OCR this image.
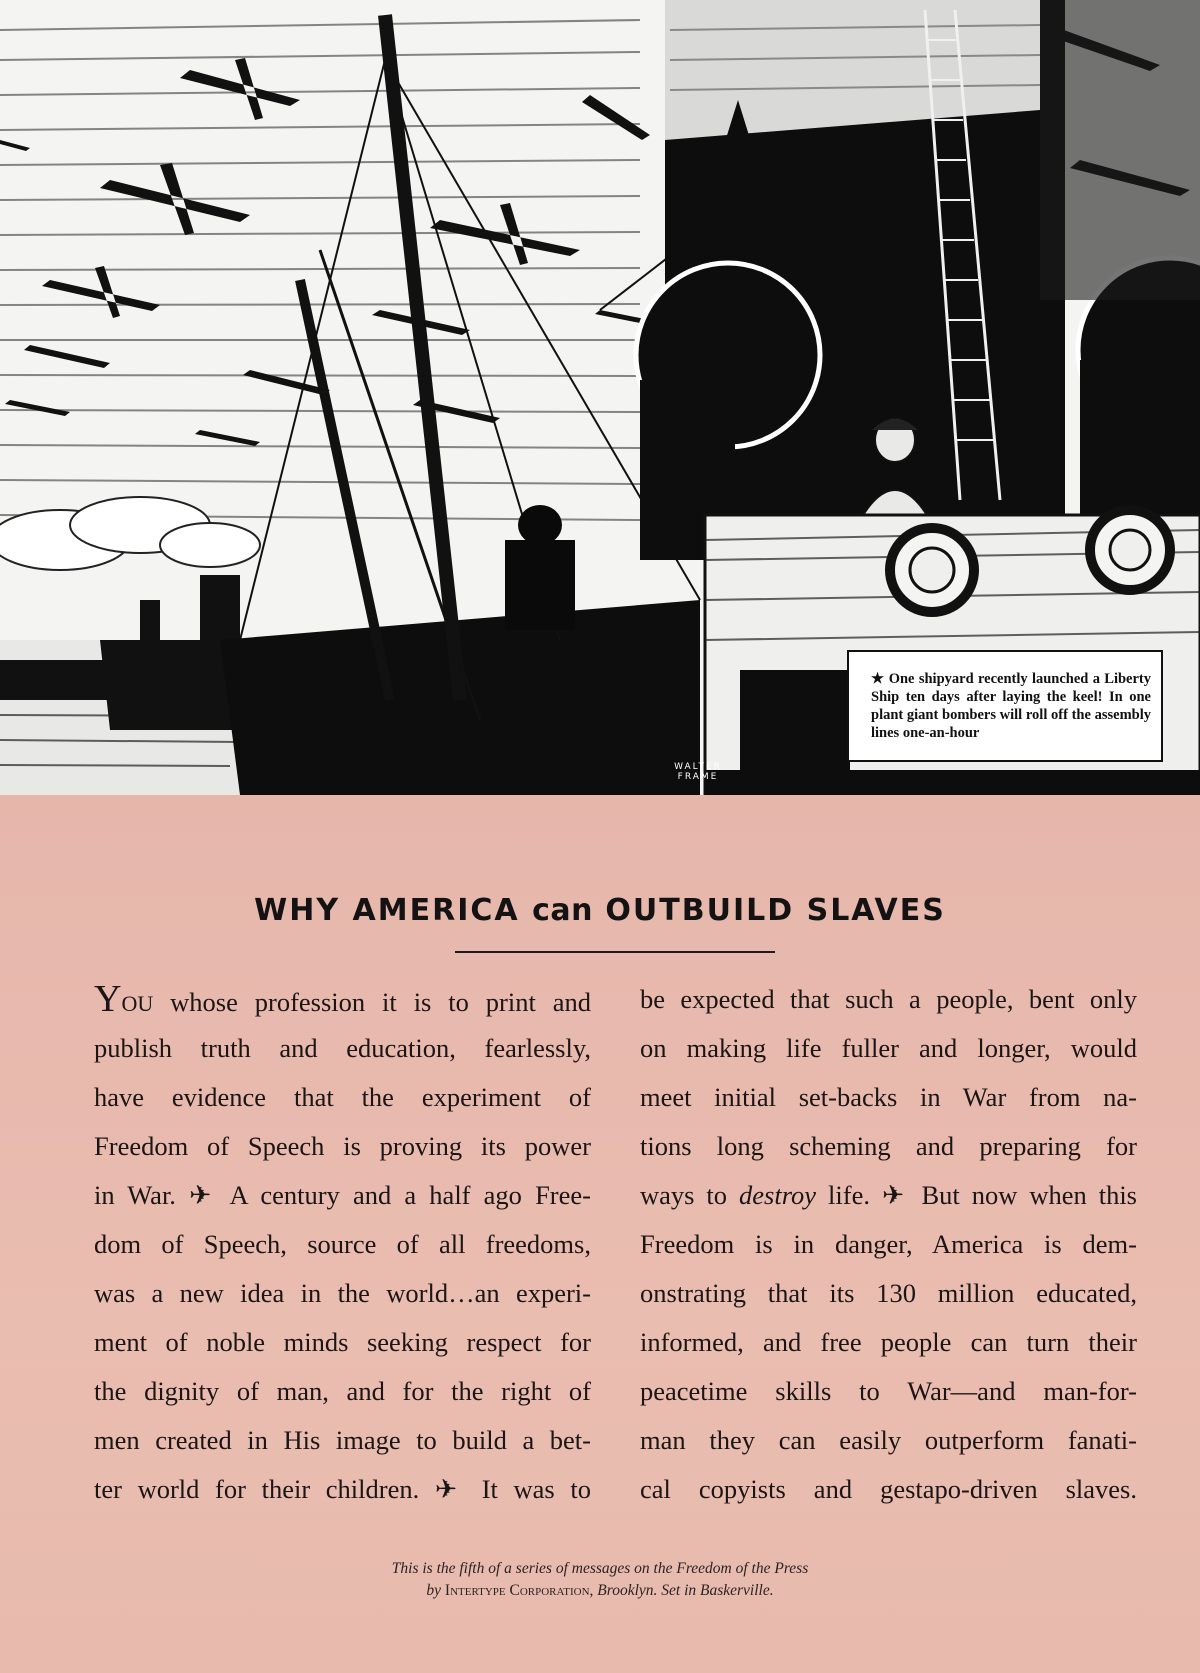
★ One shipyard recently launched a Liberty Ship ten days after laying the keel! In one plant giant bombers will roll off the assembly lines one-an-hour
WALTER
FRAME
WHY AMERICA can OUTBUILD SLAVES
YOU whose profession it is to print and
publish truth and education, fearlessly,
have evidence that the experiment of
Freedom of Speech is proving its power
in War. ✈ A century and a half ago Free-
dom of Speech, source of all freedoms,
was a new idea in the world…an experi-
ment of noble minds seeking respect for
the dignity of man, and for the right of
men created in His image to build a bet-
ter world for their children. ✈ It was to
be expected that such a people, bent only
on making life fuller and longer, would
meet initial set-backs in War from na-
tions long scheming and preparing for
ways to destroy life. ✈ But now when this
Freedom is in danger, America is dem-
onstrating that its 130 million educated,
informed, and free people can turn their
peacetime skills to War—and man-for-
man they can easily outperform fanati-
cal copyists and gestapo-driven slaves.
This is the fifth of a series of messages on the Freedom of the Press
by Intertype Corporation, Brooklyn. Set in Baskerville.
